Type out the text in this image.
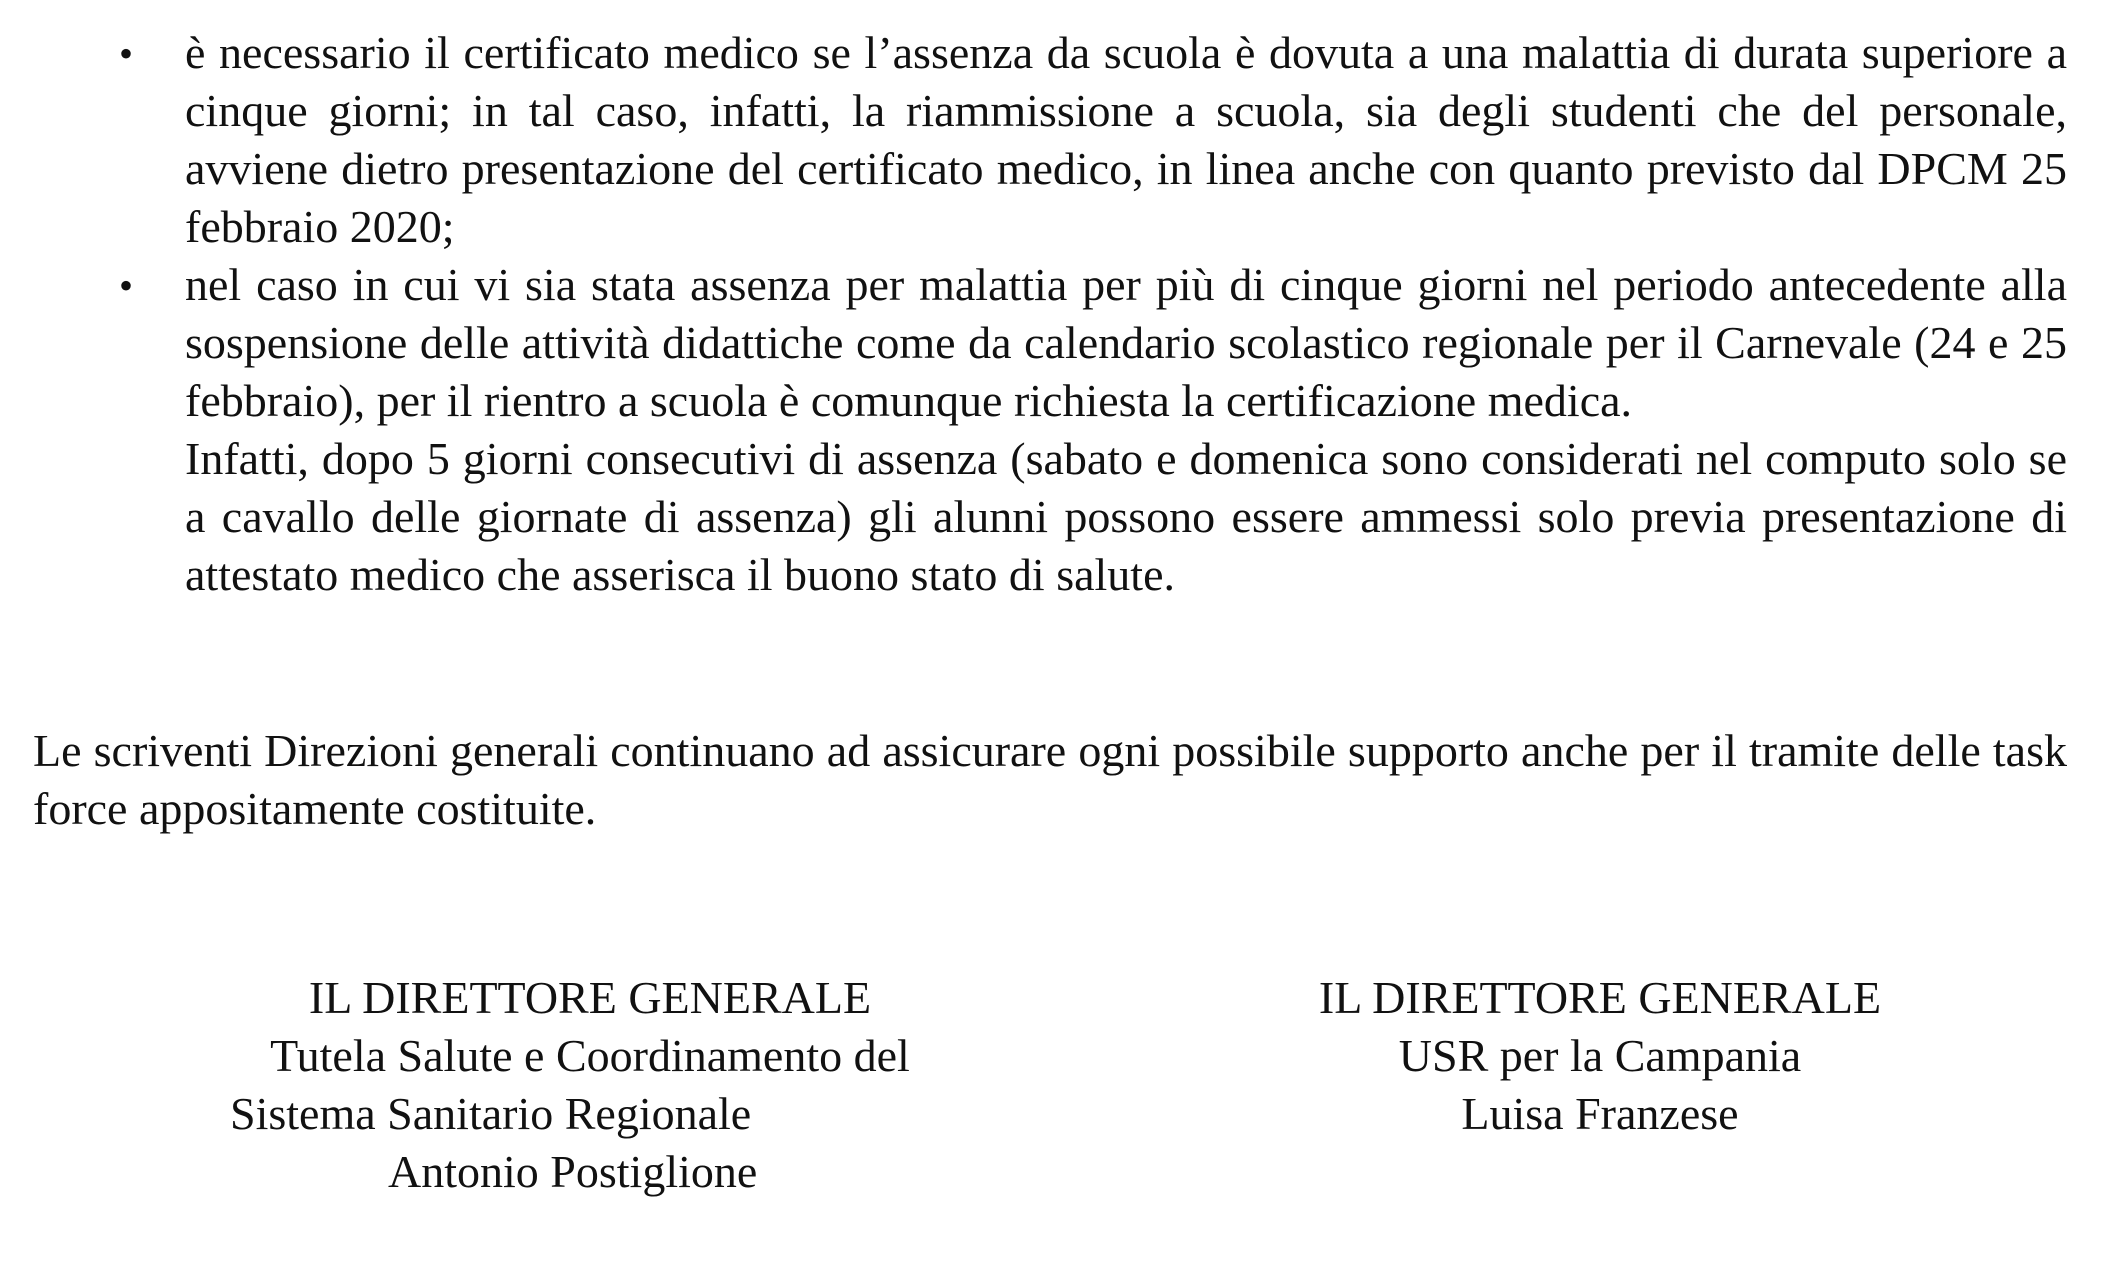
• è necessario il certificato medico se l’assenza da scuola è dovuta a una malattia di durata superiore a cinque giorni; in tal caso, infatti, la riammissione a scuola, sia degli studenti che del personale, avviene dietro presentazione del certificato medico, in linea anche con quanto previsto dal DPCM 25 febbraio 2020;

• nel caso in cui vi sia stata assenza per malattia per più di cinque giorni nel periodo antecedente alla sospensione delle attività didattiche come da calendario scolastico regionale per il Carnevale (24 e 25 febbraio), per il rientro a scuola è comunque richiesta la certificazione medica.

Infatti, dopo 5 giorni consecutivi di assenza (sabato e domenica sono considerati nel computo solo se a cavallo delle giornate di assenza) gli alunni possono essere ammessi solo previa presentazione di attestato medico che asserisca il buono stato di salute.

Le scriventi Direzioni generali continuano ad assicurare ogni possibile supporto anche per il tramite delle task force appositamente costituite.

IL DIRETTORE GENERALE
Tutela Salute e Coordinamento del
Sistema Sanitario Regionale
Antonio Postiglione
IL DIRETTORE GENERALE
USR per la Campania
Luisa Franzese
